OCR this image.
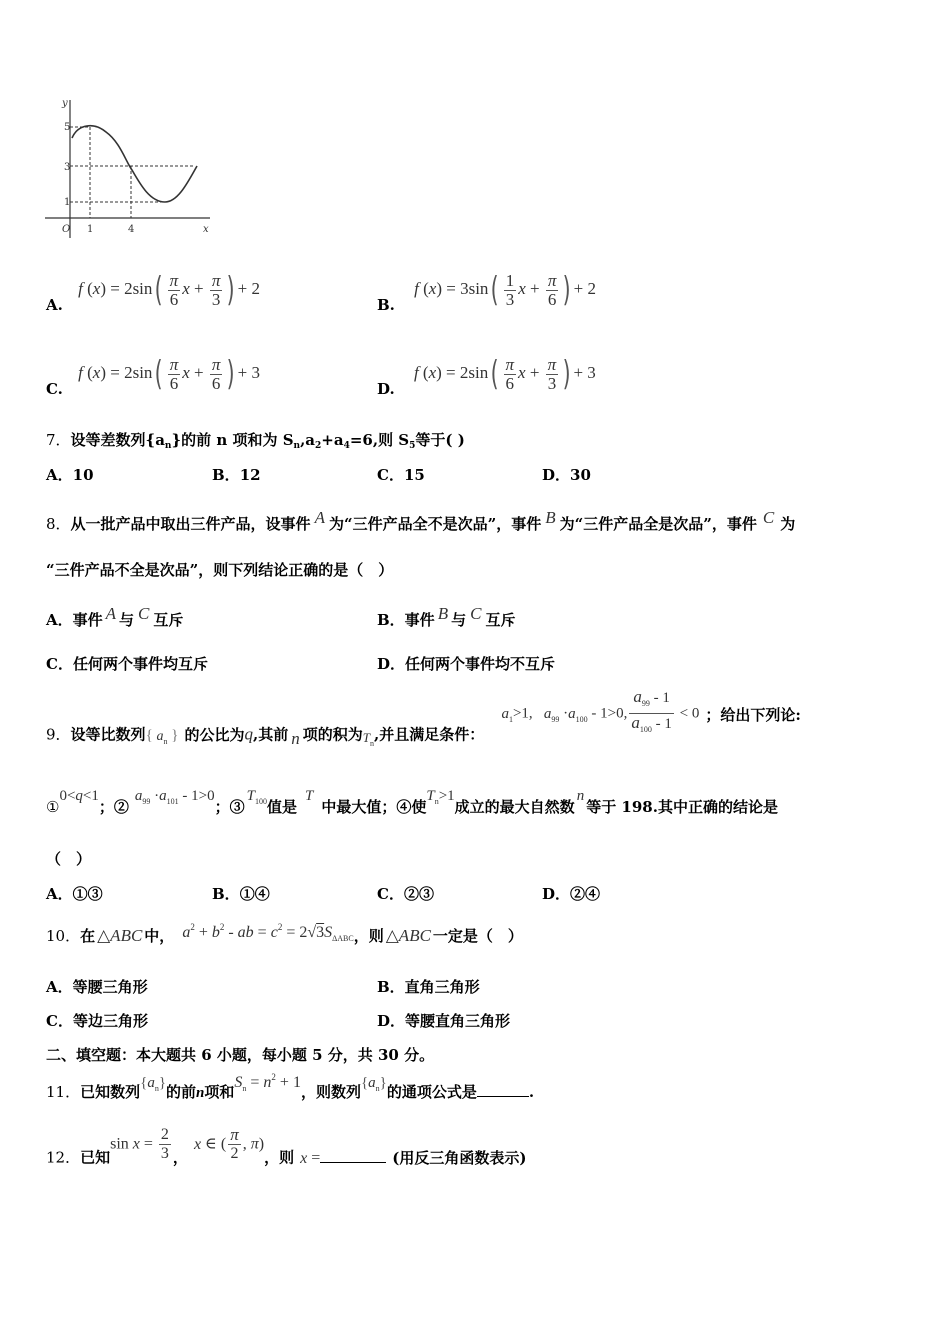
y
x
O
5
3
1
1	4
A. f $(x) = 2\sin( \frac{\pi}{6}$ $x + \frac{\pi}{3}$ ) + 2
B. f $(x) = 3\sin( \frac{1}{3}$ $x + \frac{\pi}{6}$ ) + 2
C. f $(x) = 2\sin( \frac{\pi}{6}$ $x + \frac{\pi}{6}$ ) + 3
D. f $(x) = 2\sin( \frac{\pi}{6}$ $x + \frac{\pi}{3}$ ) + 3
7．设等差数列$\{a_n\}$的前 n 项和为 $S_n,a_2+a_4=6$,则 $S_5$等于( )
A．10	B．12	C．15	D．30
8．从一批产品中取出三件产品，设事件 A 为“三件产品全不是次品”，事件 B 为“三件产品全是次品”，事件 C 为
“三件产品不全是次品”，则下列结论正确的是（　）
A．事件 A 与 C 互斥	B．事件 B 与 C 互斥
C．任何两个事件均互斥	D．任何两个事件均不互斥
9．设等比数列{ $a_n$ } 的公比为q,其前 n 项的积为$T_n$,并且满足条件： $a_1>1$,   $a_{99} \cdot a_{100} - 1>0$, $\frac{a_{99} - 1}{a_{100} - 1} < 0$ ；给出下列论:
①0<q<1；$②a_{99} \cdot a_{101} - 1>0$；$③T_{100}$值是T中最大值；④使$T_n>1$成立的最大自然数n等于 198.其中正确的结论是
（　）
A．①③	B．①④	C．②③	D．②④
10．在 △ABC 中， $a^2 + b^2$ - ab = $c^2 = 2√3S_{\Delta ABC}$，则 △ABC 一定是（　）
A．等腰三角形	B．直角三角形
C．等边三角形	D．等腰直角三角形
二、填空题：本大题共 6 小题，每小题 5 分，共 30 分。
11．已知数列$\{a_n\}$的前n项和$S_n = n^2 + 1$，则数列$\{a_n\}$的通项公式是	.
12．已知$\sin x = \frac{2}{3}$ ，x ∈ ( $\frac{\pi}{2}$ , π)，则 x =	(用反三角函数表示)
